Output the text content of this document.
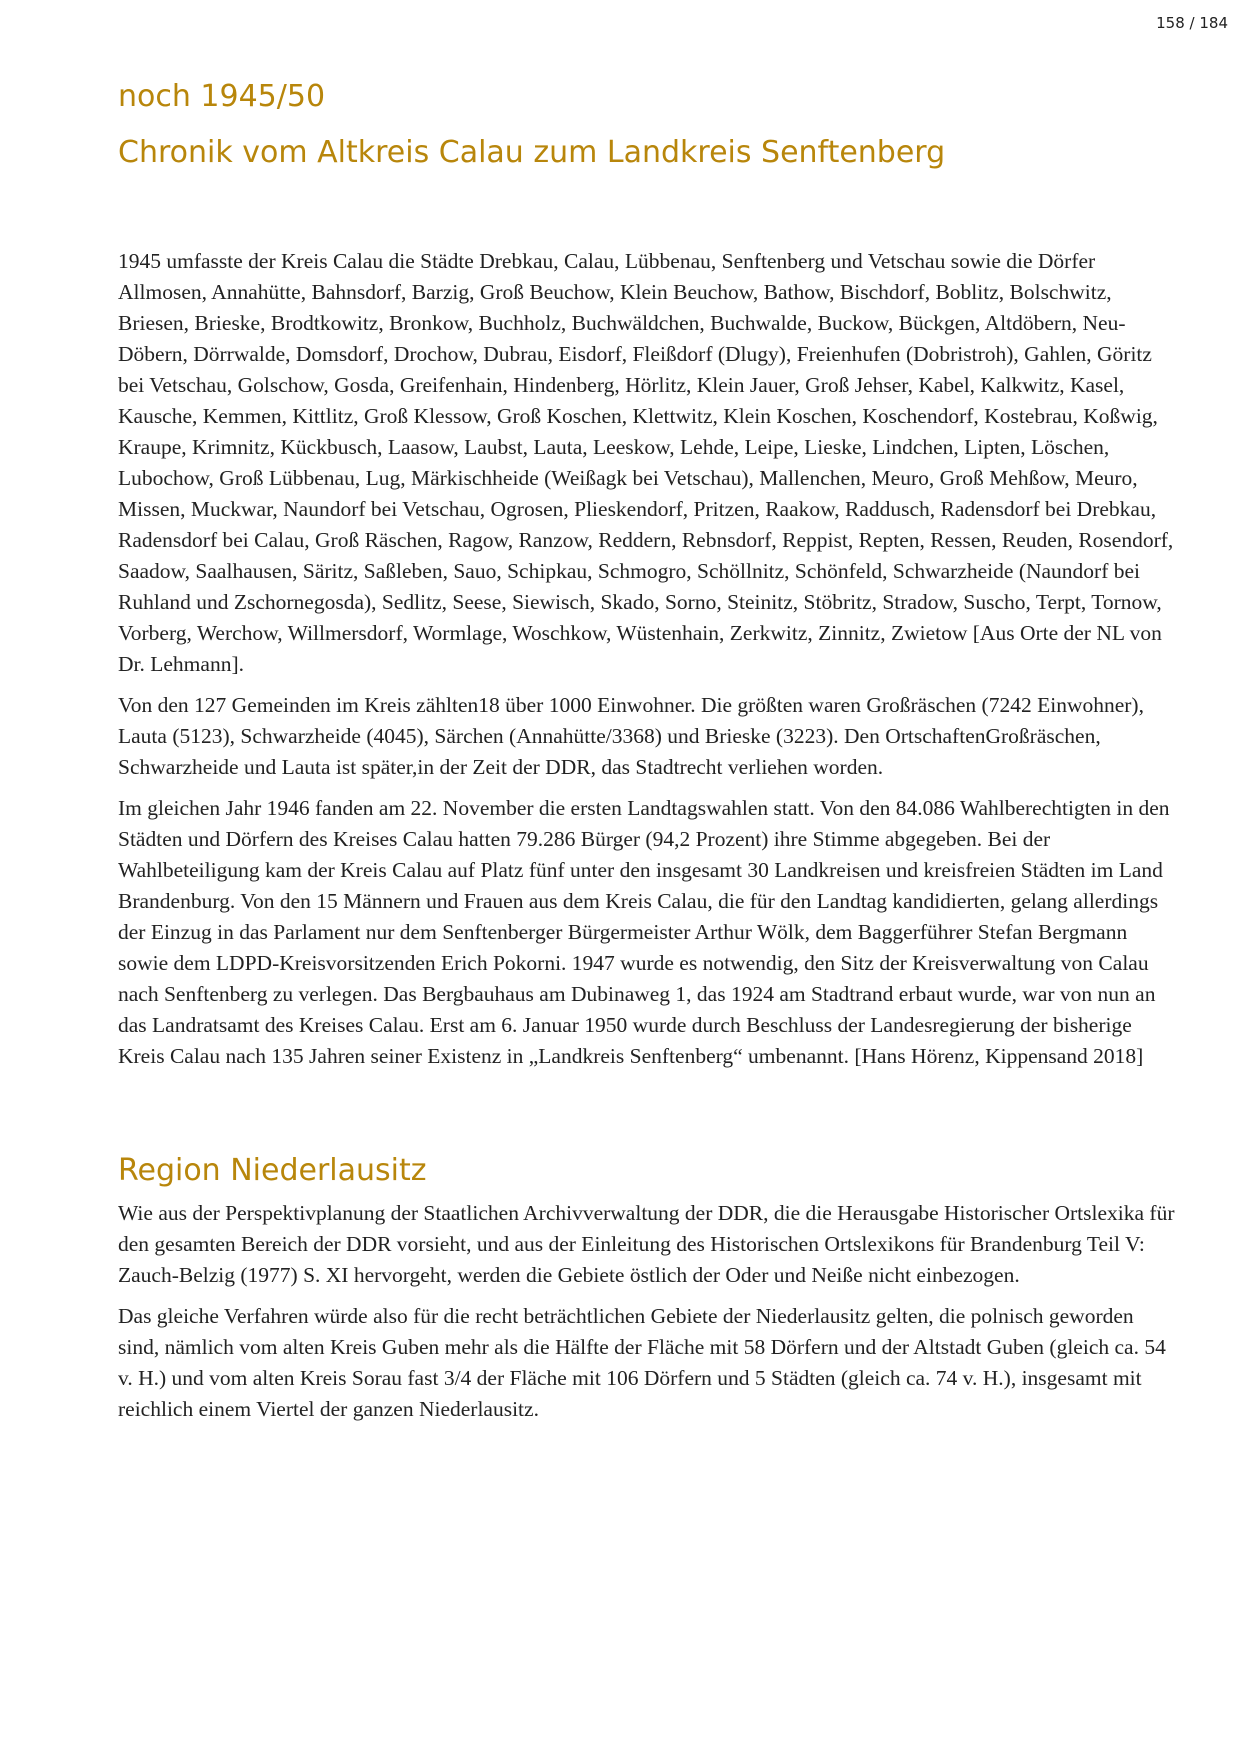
158 / 184
noch 1945/50
Chronik vom Altkreis Calau zum Landkreis Senftenberg

1945 umfasste der Kreis Calau die Städte Drebkau, Calau, Lübbenau, Senftenberg und Vetschau sowie die Dörfer Allmosen, Annahütte, Bahnsdorf, Barzig, Groß Beuchow, Klein Beuchow, Bathow, Bischdorf, Boblitz, Bolschwitz, Briesen, Brieske, Brodtkowitz, Bronkow, Buchholz, Buchwäldchen, Buchwalde, Buckow, Bückgen, Altdöbern, Neu- Döbern, Dörrwalde, Domsdorf, Drochow, Dubrau, Eisdorf, Fleißdorf (Dlugy), Freienhufen (Dobristroh), Gahlen, Göritz bei Vetschau, Golschow, Gosda, Greifenhain, Hindenberg, Hörlitz, Klein Jauer, Groß Jehser, Kabel, Kalkwitz, Kasel, Kausche, Kemmen, Kittlitz, Groß Klessow, Groß Koschen, Klettwitz, Klein Koschen, Koschendorf, Kostebrau, Koßwig, Kraupe, Krimnitz, Kückbusch, Laasow, Laubst, Lauta, Leeskow, Lehde, Leipe, Lieske, Lindchen, Lipten, Löschen, Lubochow, Groß Lübbenau, Lug, Märkischheide (Weißagk bei Vetschau), Mallenchen, Meuro, Groß Mehßow, Meuro, Missen, Muckwar, Naundorf bei Vetschau, Ogrosen, Plieskendorf, Pritzen, Raakow, Raddusch, Radensdorf bei Drebkau, Radensdorf bei Calau, Groß Räschen, Ragow, Ranzow, Reddern, Rebnsdorf, Reppist, Repten, Ressen, Reuden, Rosendorf, Saadow, Saalhausen, Säritz, Saßleben, Sauo, Schipkau, Schmogro, Schöllnitz, Schönfeld, Schwarzheide (Naundorf bei Ruhland und Zschornegosda), Sedlitz, Seese, Siewisch, Skado, Sorno, Steinitz, Stöbritz, Stradow, Suscho, Terpt, Tornow, Vorberg, Werchow, Willmersdorf, Wormlage, Woschkow, Wüstenhain, Zerkwitz, Zinnitz, Zwietow [Aus Orte der NL von Dr. Lehmann].

Von den 127 Gemeinden im Kreis zählten18 über 1000 Einwohner. Die größten waren Großräschen (7242 Einwohner), Lauta (5123), Schwarzheide (4045), Särchen (Annahütte/3368) und Brieske (3223). Den OrtschaftenGroßräschen, Schwarzheide und Lauta ist später,in der Zeit der DDR, das Stadtrecht verliehen worden.

Im gleichen Jahr 1946 fanden am 22. November die ersten Landtagswahlen statt. Von den 84.086 Wahlberechtigten in den Städten und Dörfern des Kreises Calau hatten 79.286 Bürger (94,2 Prozent) ihre Stimme abgegeben. Bei der Wahlbeteiligung kam der Kreis Calau auf Platz fünf unter den insgesamt 30 Landkreisen und kreisfreien Städten im Land Brandenburg. Von den 15 Männern und Frauen aus dem Kreis Calau, die für den Landtag kandidierten, gelang allerdings der Einzug in das Parlament nur dem Senftenberger Bürgermeister Arthur Wölk, dem Baggerführer Stefan Bergmann sowie dem LDPD-Kreisvorsitzenden Erich Pokorni. 1947 wurde es notwendig, den Sitz der Kreisverwaltung von Calau nach Senftenberg zu verlegen. Das Bergbauhaus am Dubinaweg 1, das 1924 am Stadtrand erbaut wurde, war von nun an das Landratsamt des Kreises Calau. Erst am 6. Januar 1950 wurde durch Beschluss der Landesregierung der bisherige Kreis Calau nach 135 Jahren seiner Existenz in „Landkreis Senftenberg“ umbenannt. [Hans Hörenz, Kippensand 2018]

Region Niederlausitz

Wie aus der Perspektivplanung der Staatlichen Archivverwaltung der DDR, die die Herausgabe Historischer Ortslexika für den gesamten Bereich der DDR vorsieht, und aus der Einleitung des Historischen Ortslexikons für Brandenburg Teil V: Zauch-Belzig (1977) S. XI hervorgeht, werden die Gebiete östlich der Oder und Neiße nicht einbezogen.

Das gleiche Verfahren würde also für die recht beträchtlichen Gebiete der Niederlausitz gelten, die polnisch geworden sind, nämlich vom alten Kreis Guben mehr als die Hälfte der Fläche mit 58 Dörfern und der Altstadt Guben (gleich ca. 54 v. H.) und vom alten Kreis Sorau fast 3/4 der Fläche mit 106 Dörfern und 5 Städten (gleich ca. 74 v. H.), insgesamt mit reichlich einem Viertel der ganzen Niederlausitz.
